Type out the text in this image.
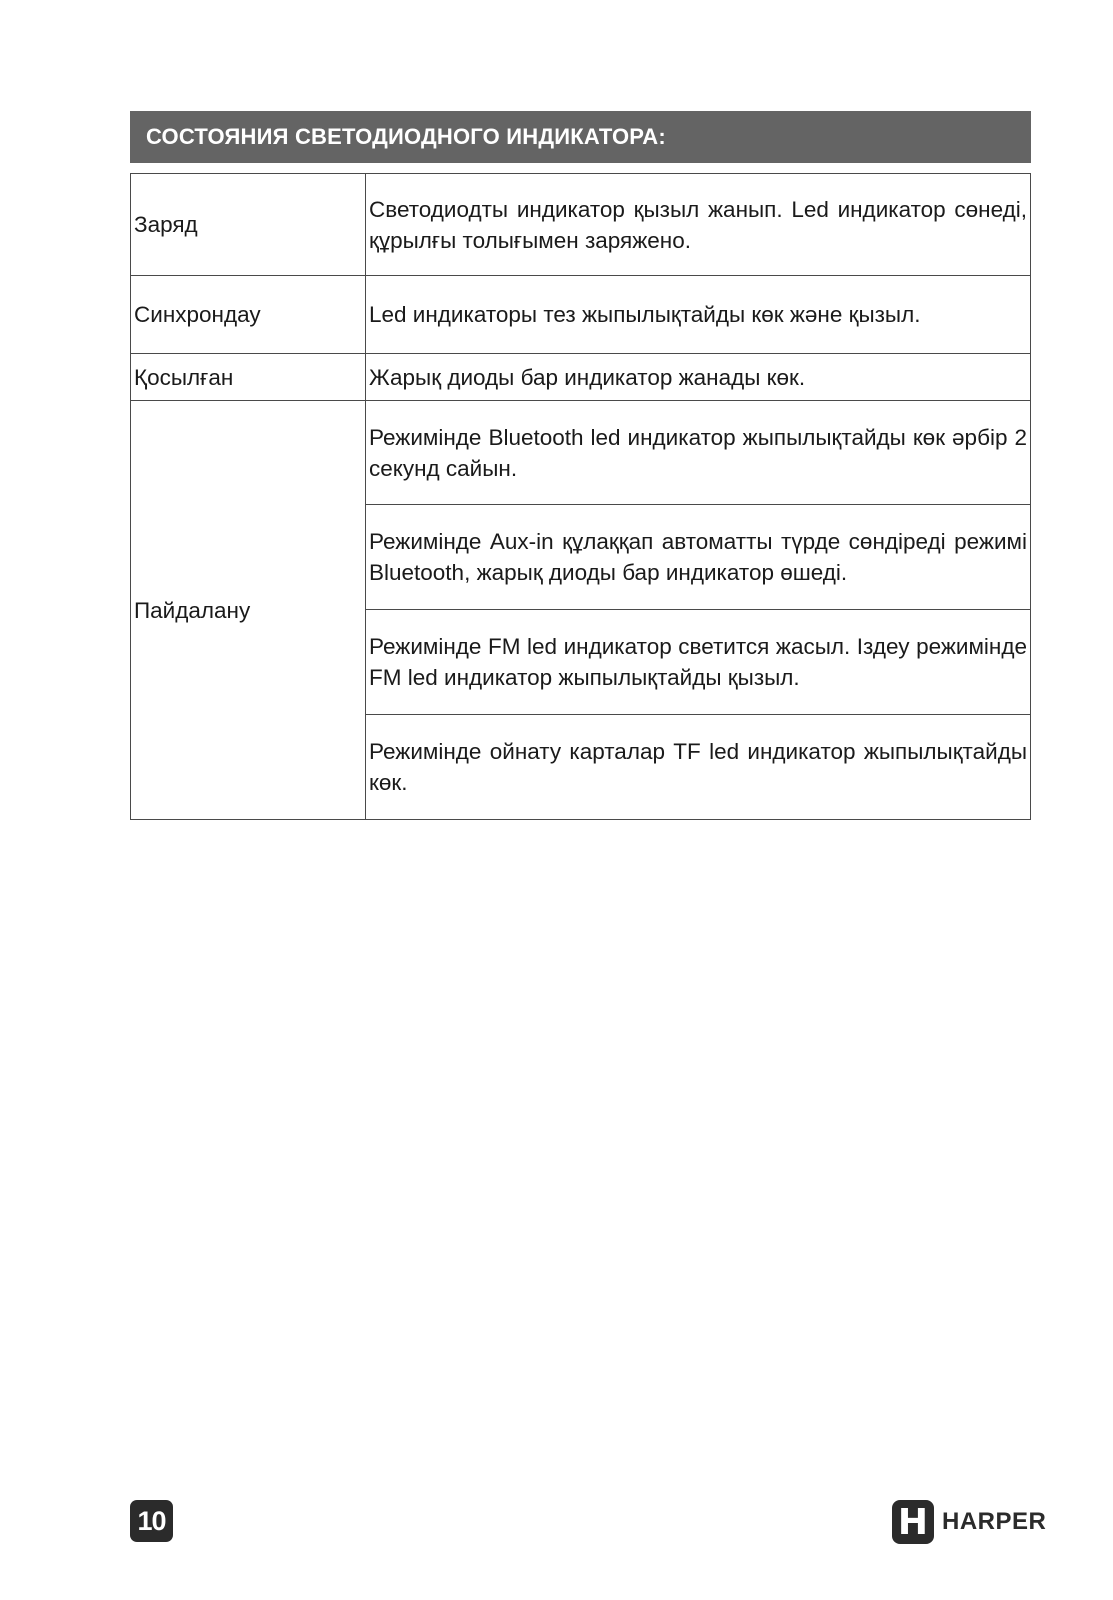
СОСТОЯНИЯ СВЕТОДИОДНОГО ИНДИКАТОРА:
Заряд	Светодиодты индикатор қызыл жанып. Led индикатор сөнеді, құрылғы толығымен заряжено.
Синхрондау	Led индикаторы тез жыпылықтайды көк және қызыл.
Қосылған	Жарық диоды бар индикатор жанады көк.
Пайдалану	Режимінде Bluetooth led индикатор жыпылықтайды көк әрбір 2 секунд сайын.
	Режимінде Aux-in құлаққап автоматты түрде сөндіреді режимі Bluetooth, жарық диоды бар индикатор өшеді.
	Режимінде FM led индикатор светится жасыл. Іздеу режимінде FM led индикатор жыпылықтайды қызыл.
	Режимінде ойнату карталар TF led индикатор жыпылықтайды көк.
10	H HARPER
